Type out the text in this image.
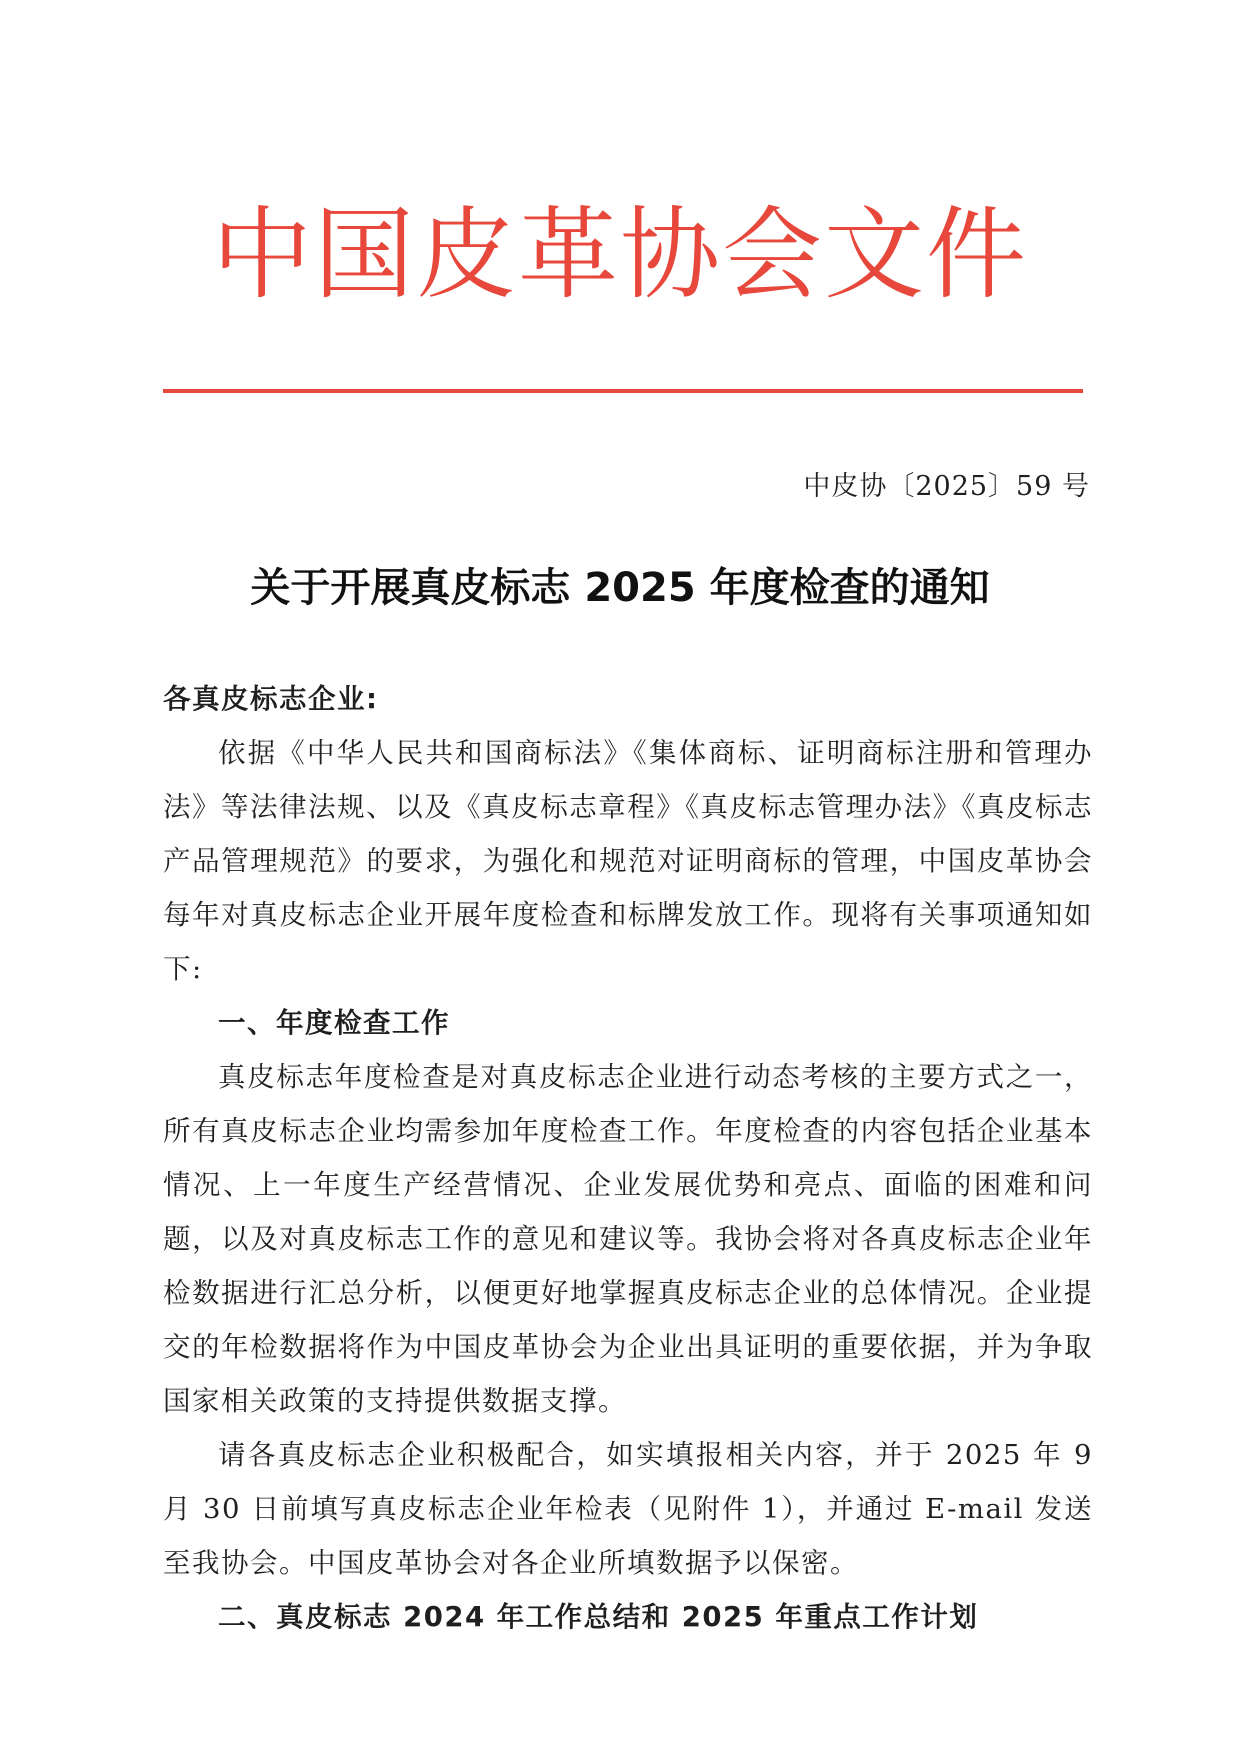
中国皮革协会文件
中皮协〔2025〕59 号
关于开展真皮标志 2025 年度检查的通知

各真皮标志企业:

依据《中华人民共和国商标法》《集体商标、证明商标注册和管理办法》等法律法规、以及《真皮标志章程》《真皮标志管理办法》《真皮标志产品管理规范》的要求，为强化和规范对证明商标的管理，中国皮革协会每年对真皮标志企业开展年度检查和标牌发放工作。现将有关事项通知如下:

一、年度检查工作

真皮标志年度检查是对真皮标志企业进行动态考核的主要方式之一，所有真皮标志企业均需参加年度检查工作。年度检查的内容包括企业基本情况、上一年度生产经营情况、企业发展优势和亮点、面临的困难和问题，以及对真皮标志工作的意见和建议等。我协会将对各真皮标志企业年检数据进行汇总分析，以便更好地掌握真皮标志企业的总体情况。企业提交的年检数据将作为中国皮革协会为企业出具证明的重要依据，并为争取国家相关政策的支持提供数据支撑。

请各真皮标志企业积极配合，如实填报相关内容，并于 2025 年 9 月 30 日前填写真皮标志企业年检表（见附件 1），并通过 E-mail 发送至我协会。中国皮革协会对各企业所填数据予以保密。

二、真皮标志 2024 年工作总结和 2025 年重点工作计划
